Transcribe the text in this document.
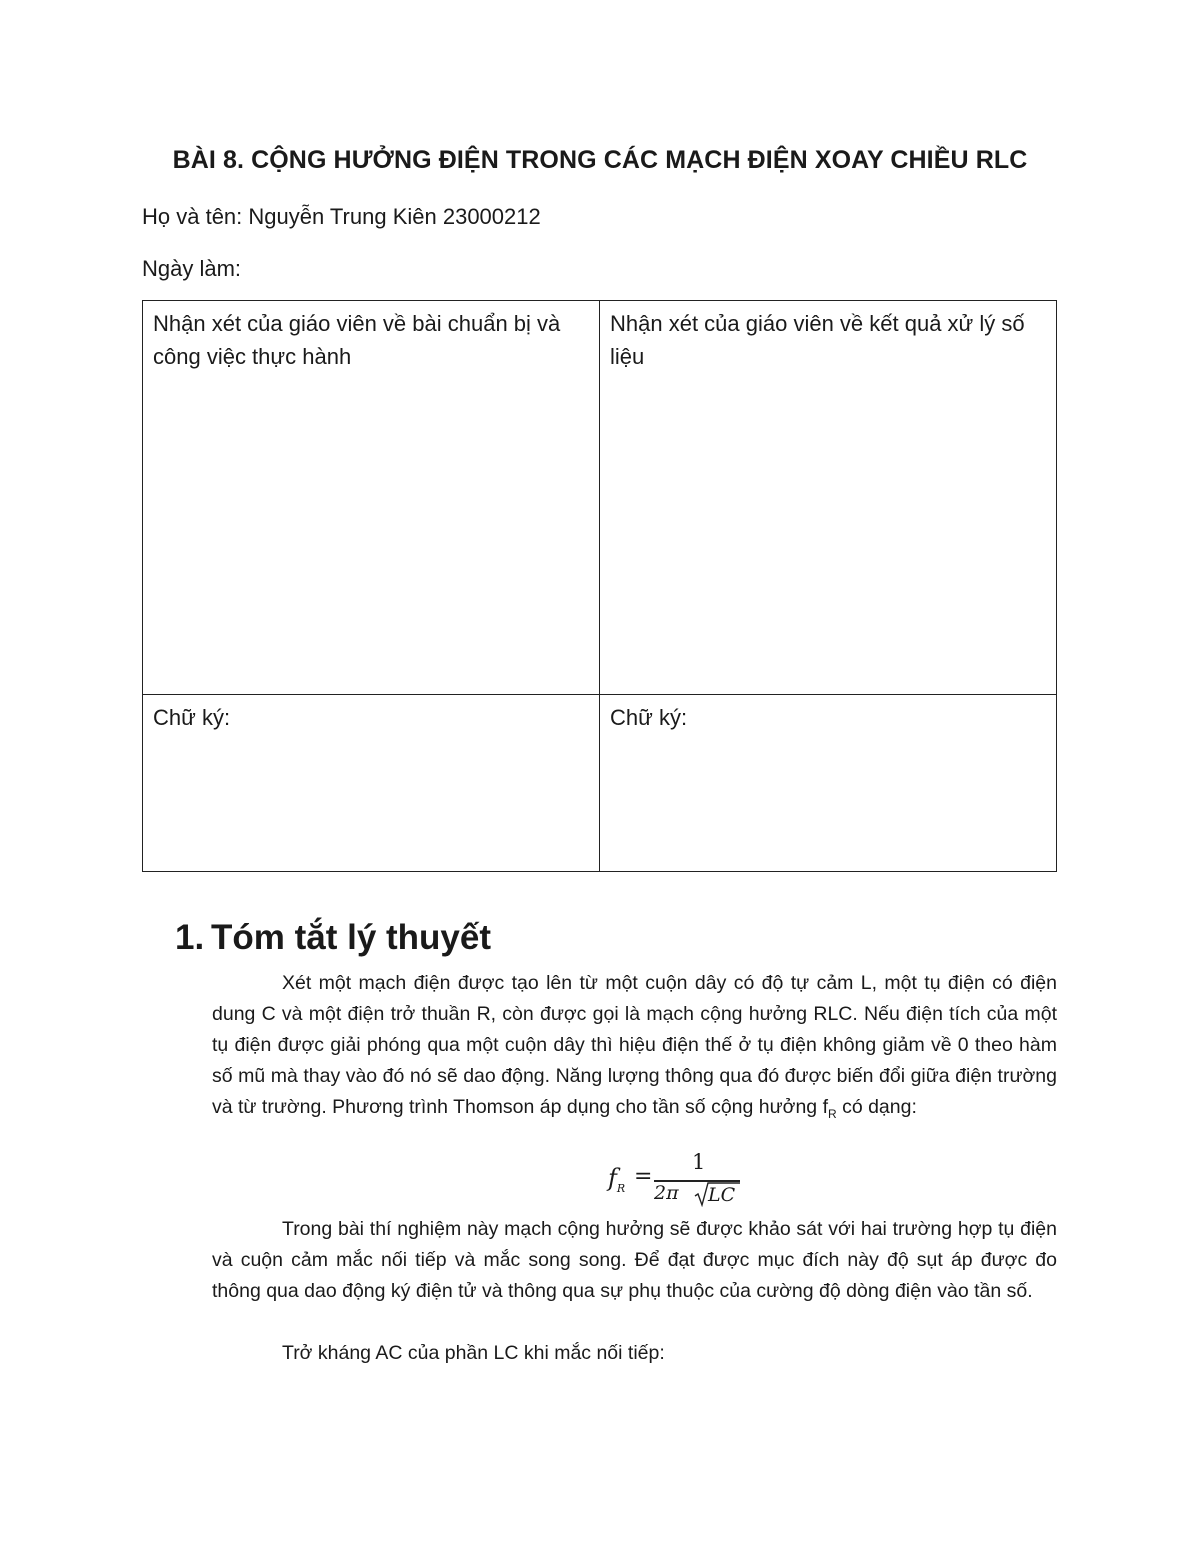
BÀI 8. CỘNG HƯỞNG ĐIỆN TRONG CÁC MẠCH ĐIỆN XOAY CHIỀU RLC
Họ và tên: Nguyễn Trung Kiên 23000212
Ngày làm:
Nhận xét của giáo viên về bài chuẩn bị và công việc thực hành	Nhận xét của giáo viên về kết quả xử lý số liệu
Chữ ký:	Chữ ký:
1. Tóm tắt lý thuyết

Xét một mạch điện được tạo lên từ một cuộn dây có độ tự cảm L, một tụ điện có điện dung C và một điện trở thuần R, còn được gọi là mạch cộng hưởng RLC. Nếu điện tích của một tụ điện được giải phóng qua một cuộn dây thì hiệu điện thế ở tụ điện không giảm về 0 theo hàm số mũ mà thay vào đó nó sẽ dao động. Năng lượng thông qua đó được biến đổi giữa điện trường và từ trường. Phương trình Thomson áp dụng cho tần số cộng hưởng $f_R$ có dạng:

$f_R$ =
1
2π LC

Trong bài thí nghiệm này mạch cộng hưởng sẽ được khảo sát với hai trường hợp tụ điện và cuộn cảm mắc nối tiếp và mắc song song. Để đạt được mục đích này độ sụt áp được đo thông qua dao động ký điện tử và thông qua sự phụ thuộc của cường độ dòng điện vào tần số.

Trở kháng AC của phần LC khi mắc nối tiếp:
